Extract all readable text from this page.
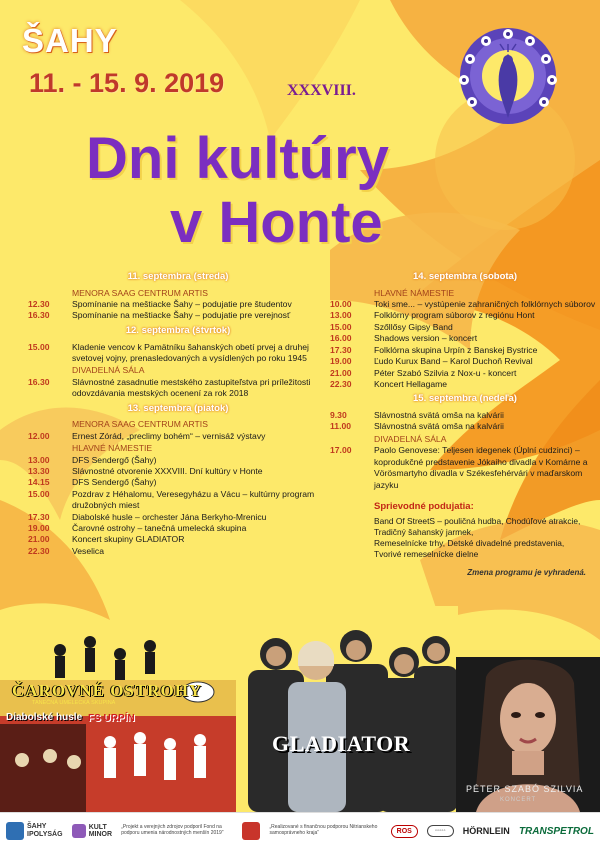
ŠAHY
11. - 15. 9. 2019	XXXVIII.
Dni kultúry
v Honte
11. septembra (streda)
MENORA SAAG CENTRUM ARTIS
12.30	Spomínanie na meštiacke Šahy – podujatie pre študentov
16.30	Spomínanie na meštiacke Šahy – podujatie pre verejnosť
12. septembra (štvrtok)
15.00	Kladenie vencov k Pamätníku šahanských obetí prvej a druhej svetovej vojny, prenasledovaných a vysídlených po roku 1945
DIVADELNÁ SÁLA
16.30	Slávnostné zasadnutie mestského zastupiteľstva pri príležitosti odovzdávania mestských ocenení za rok 2018
13. septembra (piatok)
MENORA SAAG CENTRUM ARTIS
12.00	Ernest Zórád, „preclimy bohém“ – vernisáž výstavy
HLAVNÉ NÁMESTIE
13.00	DFS Sendergő (Šahy)
13.30	Slávnostné otvorenie XXXVIII. Dní kultúry v Honte
14.15	DFS Sendergő (Šahy)
15.00	Pozdrav z Héhalomu, Veresegyházu a Vácu – kultúrny program družobných miest
17.30	Diabolské husle – orchester Jána Berkyho-Mrenicu
19.00	Čarovné ostrohy – tanečná umelecká skupina
21.00	Koncert skupiny GLADIATOR
22.30	Veselica
14. septembra (sobota)
HLAVNÉ NÁMESTIE
10.00	Toki sme... – vystúpenie zahraničných folklórnych súborov
13.00	Folklórny program súborov z regiónu Hont
15.00	Szőllősy Gipsy Band
16.00	Shadows version – koncert
17.30	Folklórna skupina Urpín z Banskej Bystrice
19.00	Ľudo Kurux Band – Karol Duchoň Revival
21.00	Péter Szabó Szilvia z Nox-u - koncert
22.30	Koncert Hellagame
15. septembra (nedeľa)
9.30	Slávnostná svätá omša na kalvárii
11.00	Slávnostná svätá omša na kalvárii
DIVADELNÁ SÁLA
17.00	Paolo Genovese: Teljesen idegenek (Úplní cudzinci) – koprodukčné predstavenie Jókaiho divadla v Komárne a Vörösmartyho divadla v Székesfehérvári v maďarskom jazyku
Sprievodné podujatia:
Band Of StreetS – pouličná hudba, Chodúľové atrakcie,
Tradičný šahanský jarmek,
Remeselnícke trhy, Detské divadelné predstavenia,
Tvorivé remeselnícke dielne
Zmena programu je vyhradená.
ČAROVNÉ OSTROHY
TANEČNÁ UMELECKÁ SKUPINA
Diabolské husle FS URPÍN
GLADIATOR
PÉTER SZABÓ SZILVIA
KONCERT
ŠAHY
IPOLYSÁG
KULT
MINOR
„Projekt a verejných zdrojov podporil Fond na podporu umenia národnostných menšín 2019“
„Realizované s finančnou podporou Nitrianskeho samosprávneho kraja“	ROS	◦◦◦◦◦	HÖRNLEIN TRANSPETROL
